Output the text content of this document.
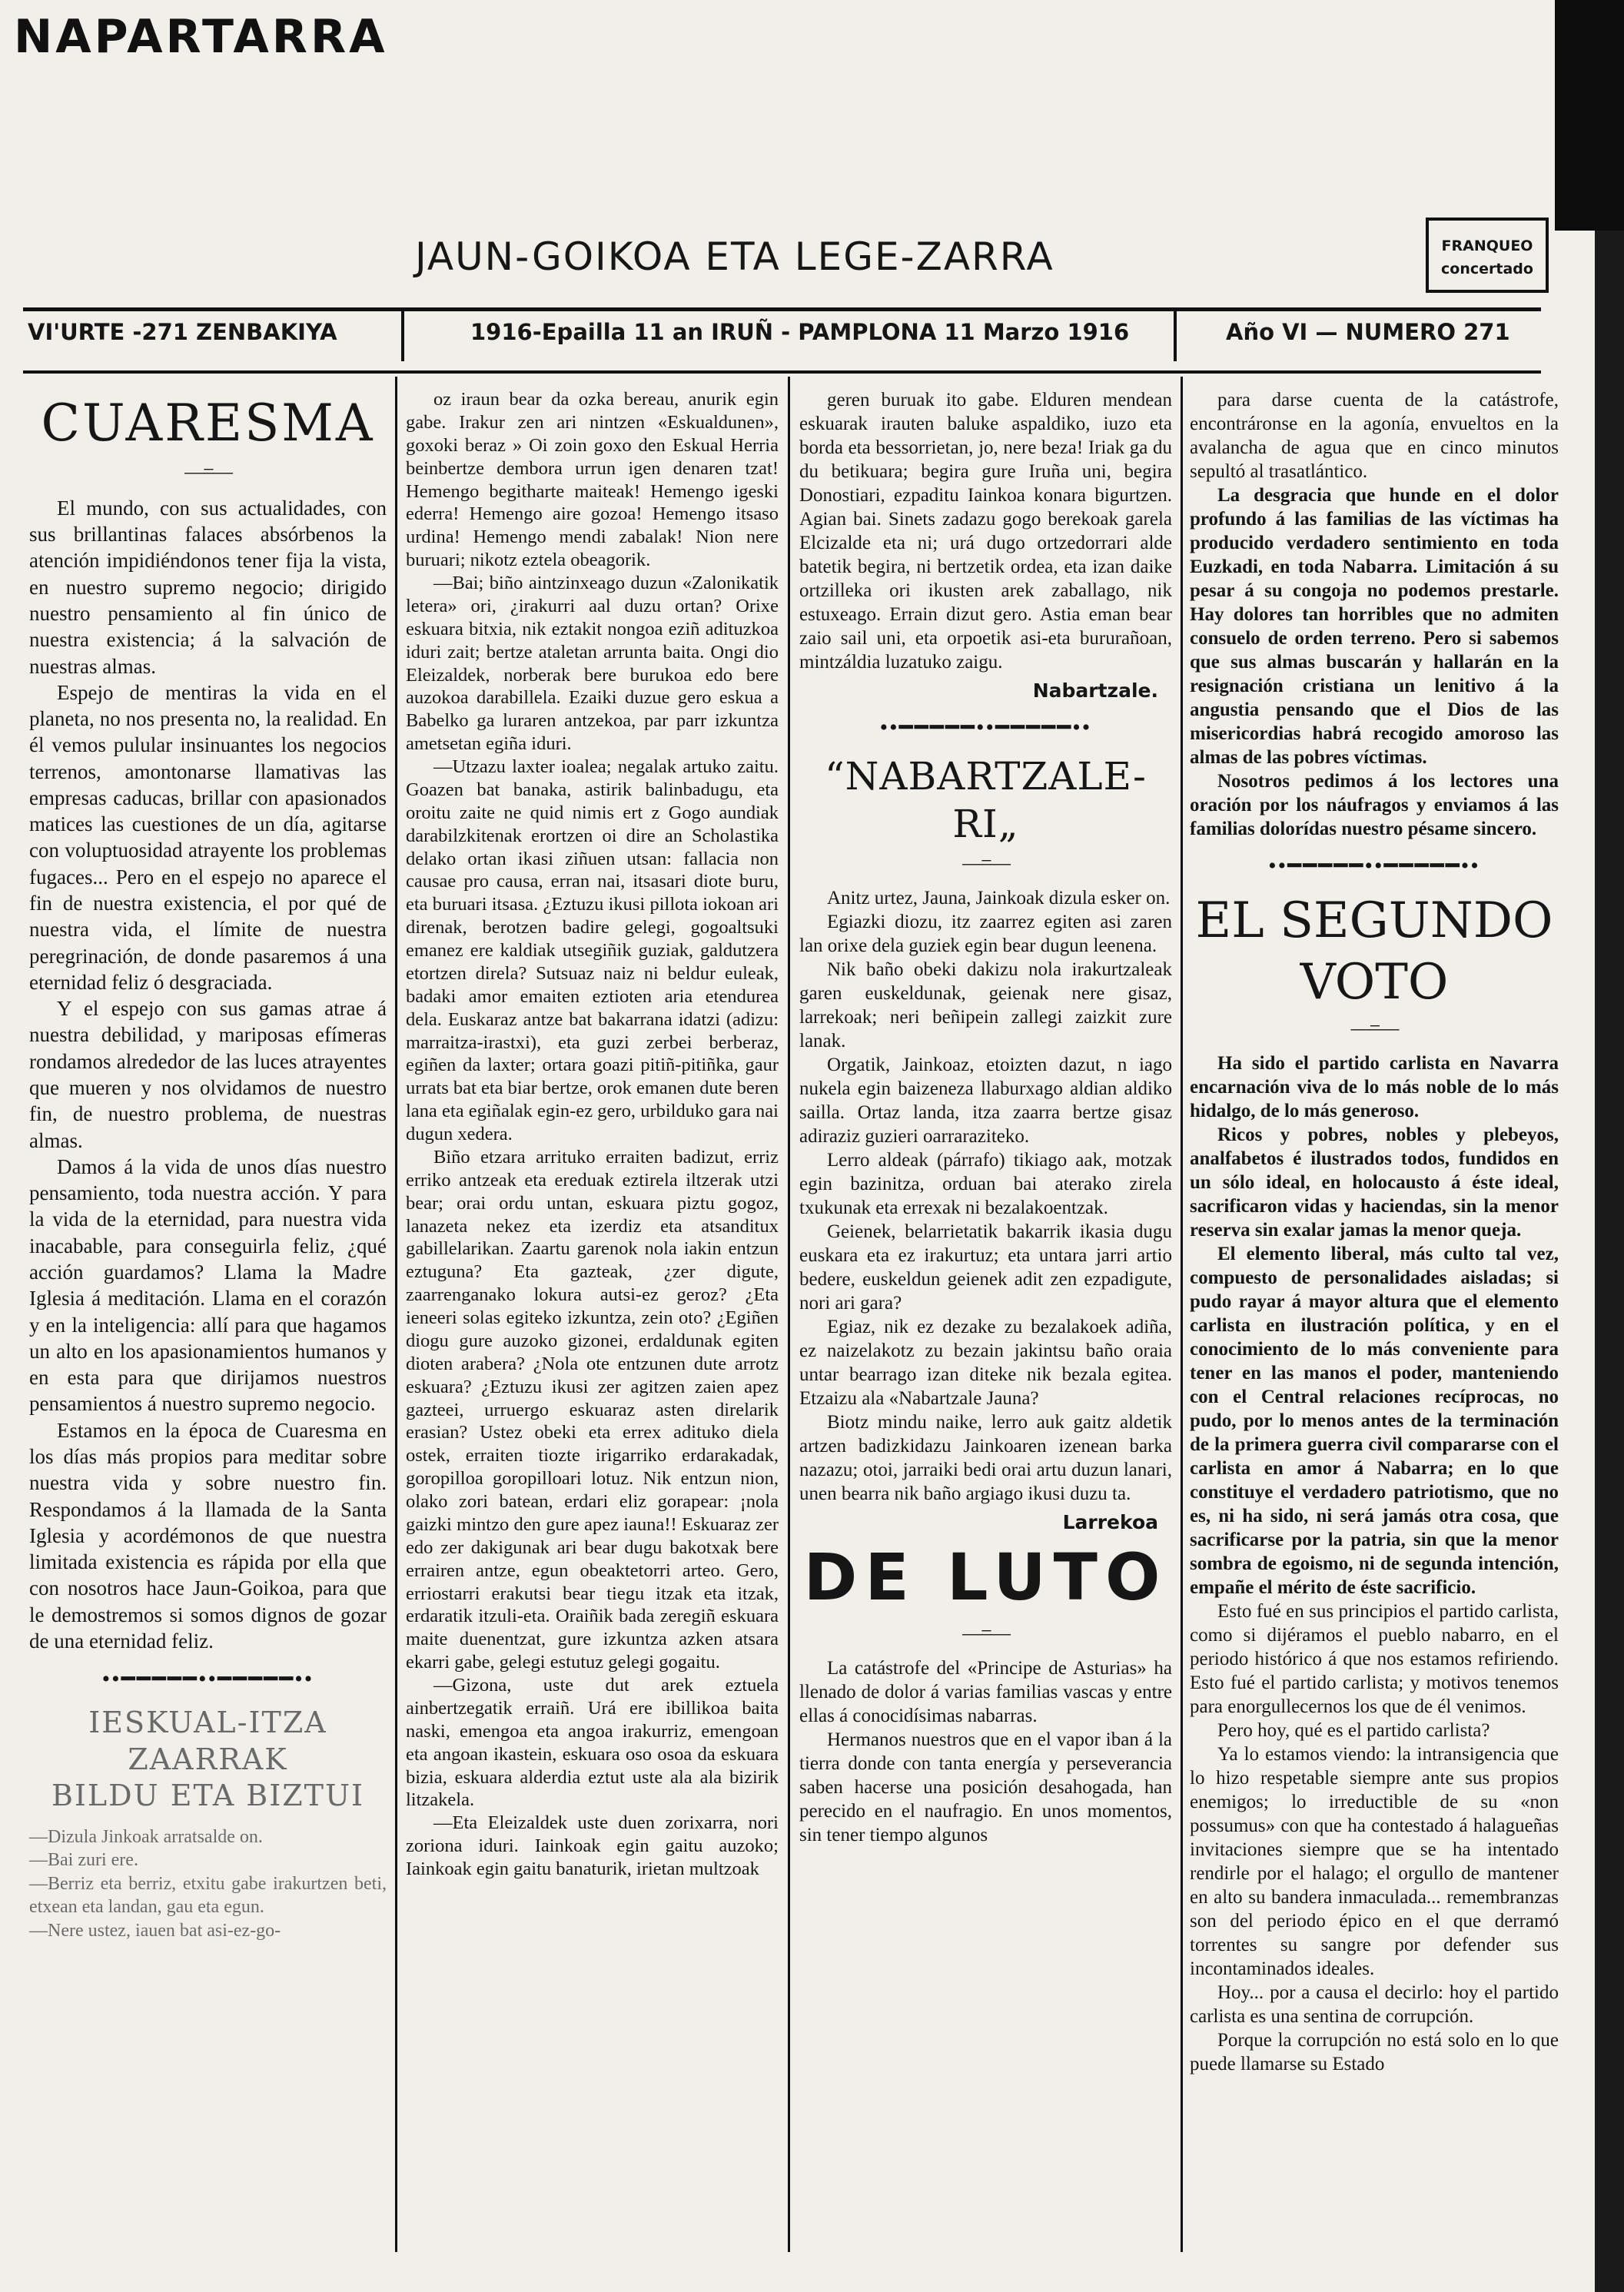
NAPARTARRA
JAUN-GOIKOA ETA LEGE-ZARRA	FRANQUEO
concertado
VI'URTE -271 ZENBAKIYA	1916-Epailla 11 an IRUÑ - PAMPLONA 11 Marzo 1916	Año VI — NUMERO 271
CUARESMA
—=—

El mundo, con sus actualidades, con sus brillantinas falaces absórbenos la atención impidiéndonos tener fija la vista, en nuestro supremo negocio; dirigido nuestro pensamiento al fin único de nuestra existencia; á la salvación de nuestras almas.

Espejo de mentiras la vida en el planeta, no nos presenta no, la realidad. En él vemos pulular insinuantes los negocios terrenos, amontonarse llamativas las empresas caducas, brillar con apasionados matices las cuestiones de un día, agitarse con voluptuosidad atrayente los problemas fugaces... Pero en el espejo no aparece el fin de nuestra existencia, el por qué de nuestra vida, el límite de nuestra peregrinación, de donde pasaremos á una eternidad feliz ó desgraciada.

Y el espejo con sus gamas atrae á nuestra debilidad, y mariposas efímeras rondamos alrededor de las luces atrayentes que mueren y nos olvidamos de nuestro fin, de nuestro problema, de nuestras almas.

Damos á la vida de unos días nuestro pensamiento, toda nuestra acción. Y para la vida de la eternidad, para nuestra vida inacabable, para conseguirla feliz, ¿qué acción guardamos? Llama la Madre Iglesia á meditación. Llama en el corazón y en la inteligencia: allí para que hagamos un alto en los apasionamientos humanos y en esta para que dirijamos nuestros pensamientos á nuestro supremo negocio.

Estamos en la época de Cuaresma en los días más propios para meditar sobre nuestra vida y sobre nuestro fin. Respondamos á la llamada de la Santa Iglesia y acordémonos de que nuestra limitada existencia es rápida por ella que con nosotros hace Jaun-Goikoa, para que le demostremos si somos dignos de gozar de una eternidad feliz.

••━━━━━••━━━━━••
IESKUAL-ITZA ZAARRAK
BILDU ETA BIZTUI

—Dizula Jinkoak arratsalde on.

—Bai zuri ere.

—Berriz eta berriz, etxitu gabe irakurtzen beti, etxean eta landan, gau eta egun.

—Nere ustez, iauen bat asi-ez-go-

oz iraun bear da ozka bereau, anurik egin gabe. Irakur zen ari nintzen «Eskualdunen», goxoki beraz » Oi zoin goxo den Eskual Herria beinbertze dembora urrun igen denaren tzat! Hemengo begitharte maiteak! Hemengo igeski ederra! Hemengo aire gozoa! Hemengo itsaso urdina! Hemengo mendi zabalak! Nion nere buruari; nikotz eztela obeagorik.

—Bai; biño aintzinxeago duzun «Zalonikatik letera» ori, ¿irakurri aal duzu ortan? Orixe eskuara bitxia, nik eztakit nongoa eziñ adituzkoa iduri zait; bertze ataletan arrunta baita. Ongi dio Eleizaldek, norberak bere burukoa edo bere auzokoa darabillela. Ezaiki duzue gero eskua a Babelko ga luraren antzekoa, par parr izkuntza ametsetan egiña iduri.

—Utzazu laxter ioalea; negalak artuko zaitu. Goazen bat banaka, astirik balinbadugu, eta oroitu zaite ne quid nimis ert z Gogo aundiak darabilzkitenak erortzen oi dire an Scholastika delako ortan ikasi ziñuen utsan: fallacia non causae pro causa, erran nai, itsasari diote buru, eta buruari itsasa. ¿Eztuzu ikusi pillota iokoan ari direnak, berotzen badire gelegi, gogoaltsuki emanez ere kaldiak utsegiñik guziak, galdutzera etortzen direla? Sutsuaz naiz ni beldur euleak, badaki amor emaiten eztioten aria etendurea dela. Euskaraz antze bat bakarrana idatzi (adizu: marraitza-irastxi), eta guzi zerbei berberaz, egiñen da laxter; ortara goazi pitiñ-pitiñka, gaur urrats bat eta biar bertze, orok emanen dute beren lana eta egiñalak egin-ez gero, urbilduko gara nai dugun xedera.

Biño etzara arrituko erraiten badizut, erriz erriko antzeak eta ereduak eztirela iltzerak utzi bear; orai ordu untan, eskuara piztu gogoz, lanazeta nekez eta izerdiz eta atsanditux gabillelarikan. Zaartu garenok nola iakin entzun eztuguna? Eta gazteak, ¿zer digute, zaarrenganako lokura autsi-ez geroz? ¿Eta ieneeri solas egiteko izkuntza, zein oto? ¿Egiñen diogu gure auzoko gizonei, erdaldunak egiten dioten arabera? ¿Nola ote entzunen dute arrotz eskuara? ¿Eztuzu ikusi zer agitzen zaien apez gazteei, urruergo eskuaraz asten direlarik erasian? Ustez obeki eta errex adituko diela ostek, erraiten tiozte irigarriko erdarakadak, goropilloa goropilloari lotuz. Nik entzun nion, olako zori batean, erdari eliz gorapear: ¡nola gaizki mintzo den gure apez iauna!! Eskuaraz zer edo zer dakigunak ari bear dugu bakotxak bere errairen antze, egun obeaktetorri arteo. Gero, erriostarri erakutsi bear tiegu itzak eta itzak, erdaratik itzuli-eta. Oraiñik bada zeregiñ eskuara maite duenentzat, gure izkuntza azken atsara ekarri gabe, gelegi estutuz gelegi gogaitu.

—Gizona, uste dut arek eztuela ainbertzegatik erraiñ. Urá ere ibillikoa baita naski, emengoa eta angoa irakurriz, emengoan eta angoan ikastein, eskuara oso osoa da eskuara bizia, eskuara alderdia eztut uste ala ala bizirik litzakela.

—Eta Eleizaldek uste duen zorixarra, nori zoriona iduri. Iainkoak egin gaitu auzoko; Iainkoak egin gaitu banaturik, irietan multzoak

geren buruak ito gabe. Elduren mendean eskuarak irauten baluke aspaldiko, iuzo eta borda eta bessorrietan, jo, nere beza! Iriak ga du du betikuara; begira gure Iruña uni, begira Donostiari, ezpaditu Iainkoa konara bigurtzen. Agian bai. Sinets zadazu gogo berekoak garela Elcizalde eta ni; urá dugo ortzedorrari alde batetik begira, ni bertzetik ordea, eta izan daike ortzilleka ori ikusten arek zaballago, nik estuxeago. Errain dizut gero. Astia eman bear zaio sail uni, eta orpoetik asi-eta bururañoan, mintzáldia luzatuko zaigu.

Nabartzale.

••━━━━━••━━━━━••
“NABARTZALE-RI„
—=—

Anitz urtez, Jauna, Jainkoak dizula esker on.

Egiazki diozu, itz zaarrez egiten asi zaren lan orixe dela guziek egin bear dugun leenena.

Nik baño obeki dakizu nola irakurtzaleak garen euskeldunak, geienak nere gisaz, larrekoak; neri beñipein zallegi zaizkit zure lanak.

Orgatik, Jainkoaz, etoizten dazut, n iago nukela egin baizeneza llaburxago aldian aldiko sailla. Ortaz landa, itza zaarra bertze gisaz adiraziz guzieri oarraraziteko.

Lerro aldeak (párrafo) tikiago aak, motzak egin bazinitza, orduan bai aterako zirela txukunak eta errexak ni bezalakoentzak.

Geienek, belarrietatik bakarrik ikasia dugu euskara eta ez irakurtuz; eta untara jarri artio bedere, euskeldun geienek adit zen ezpadigute, nori ari gara?

Egiaz, nik ez dezake zu bezalakoek adiña, ez naizelakotz zu bezain jakintsu baño oraia untar bearrago izan diteke nik bezala egitea. Etzaizu ala «Nabartzale Jauna?

Biotz mindu naike, lerro auk gaitz aldetik artzen badizkidazu Jainkoaren izenean barka nazazu; otoi, jarraiki bedi orai artu duzun lanari, unen bearra nik baño argiago ikusi duzu ta.

Larrekoa

DE LUTO
—=—

La catástrofe del «Principe de Asturias» ha llenado de dolor á varias familias vascas y entre ellas á conocidísimas nabarras.

Hermanos nuestros que en el vapor iban á la tierra donde con tanta energía y perseverancia saben hacerse una posición desahogada, han perecido en el naufragio. En unos momentos, sin tener tiempo algunos

para darse cuenta de la catástrofe, encontráronse en la agonía, envueltos en la avalancha de agua que en cinco minutos sepultó al trasatlántico.

La desgracia que hunde en el dolor profundo á las familias de las víctimas ha producido verdadero sentimiento en toda Euzkadi, en toda Nabarra. Limitación á su pesar á su congoja no podemos prestarle. Hay dolores tan horribles que no admiten consuelo de orden terreno. Pero si sabemos que sus almas buscarán y hallarán en la resignación cristiana un lenitivo á la angustia pensando que el Dios de las misericordias habrá recogido amoroso las almas de las pobres víctimas.

Nosotros pedimos á los lectores una oración por los náufragos y enviamos á las familias dolorídas nuestro pésame sincero.

••━━━━━••━━━━━••
EL SEGUNDO VOTO
—=—

Ha sido el partido carlista en Navarra encarnación viva de lo más noble de lo más hidalgo, de lo más generoso.

Ricos y pobres, nobles y plebeyos, analfabetos é ilustrados todos, fundidos en un sólo ideal, en holocausto á éste ideal, sacrificaron vidas y haciendas, sin la menor reserva sin exalar jamas la menor queja.

El elemento liberal, más culto tal vez, compuesto de personalidades aisladas; si pudo rayar á mayor altura que el elemento carlista en ilustración política, y en el conocimiento de lo más conveniente para tener en las manos el poder, manteniendo con el Central relaciones recíprocas, no pudo, por lo menos antes de la terminación de la primera guerra civil compararse con el carlista en amor á Nabarra; en lo que constituye el verdadero patriotismo, que no es, ni ha sido, ni será jamás otra cosa, que sacrificarse por la patria, sin que la menor sombra de egoismo, ni de segunda intención, empañe el mérito de éste sacrificio.

Esto fué en sus principios el partido carlista, como si dijéramos el pueblo nabarro, en el periodo histórico á que nos estamos refiriendo. Esto fué el partido carlista; y motivos tenemos para enorgullecernos los que de él venimos.

Pero hoy, qué es el partido carlista?

Ya lo estamos viendo: la intransigencia que lo hizo respetable siempre ante sus propios enemigos; lo irreductible de su «non possumus» con que ha contestado á halagueñas invitaciones siempre que se ha intentado rendirle por el halago; el orgullo de mantener en alto su bandera inmaculada... remembranzas son del periodo épico en el que derramó torrentes su sangre por defender sus incontaminados ideales.

Hoy... por a causa el decirlo: hoy el partido carlista es una sentina de corrupción.

Porque la corrupción no está solo en lo que puede llamarse su Estado
